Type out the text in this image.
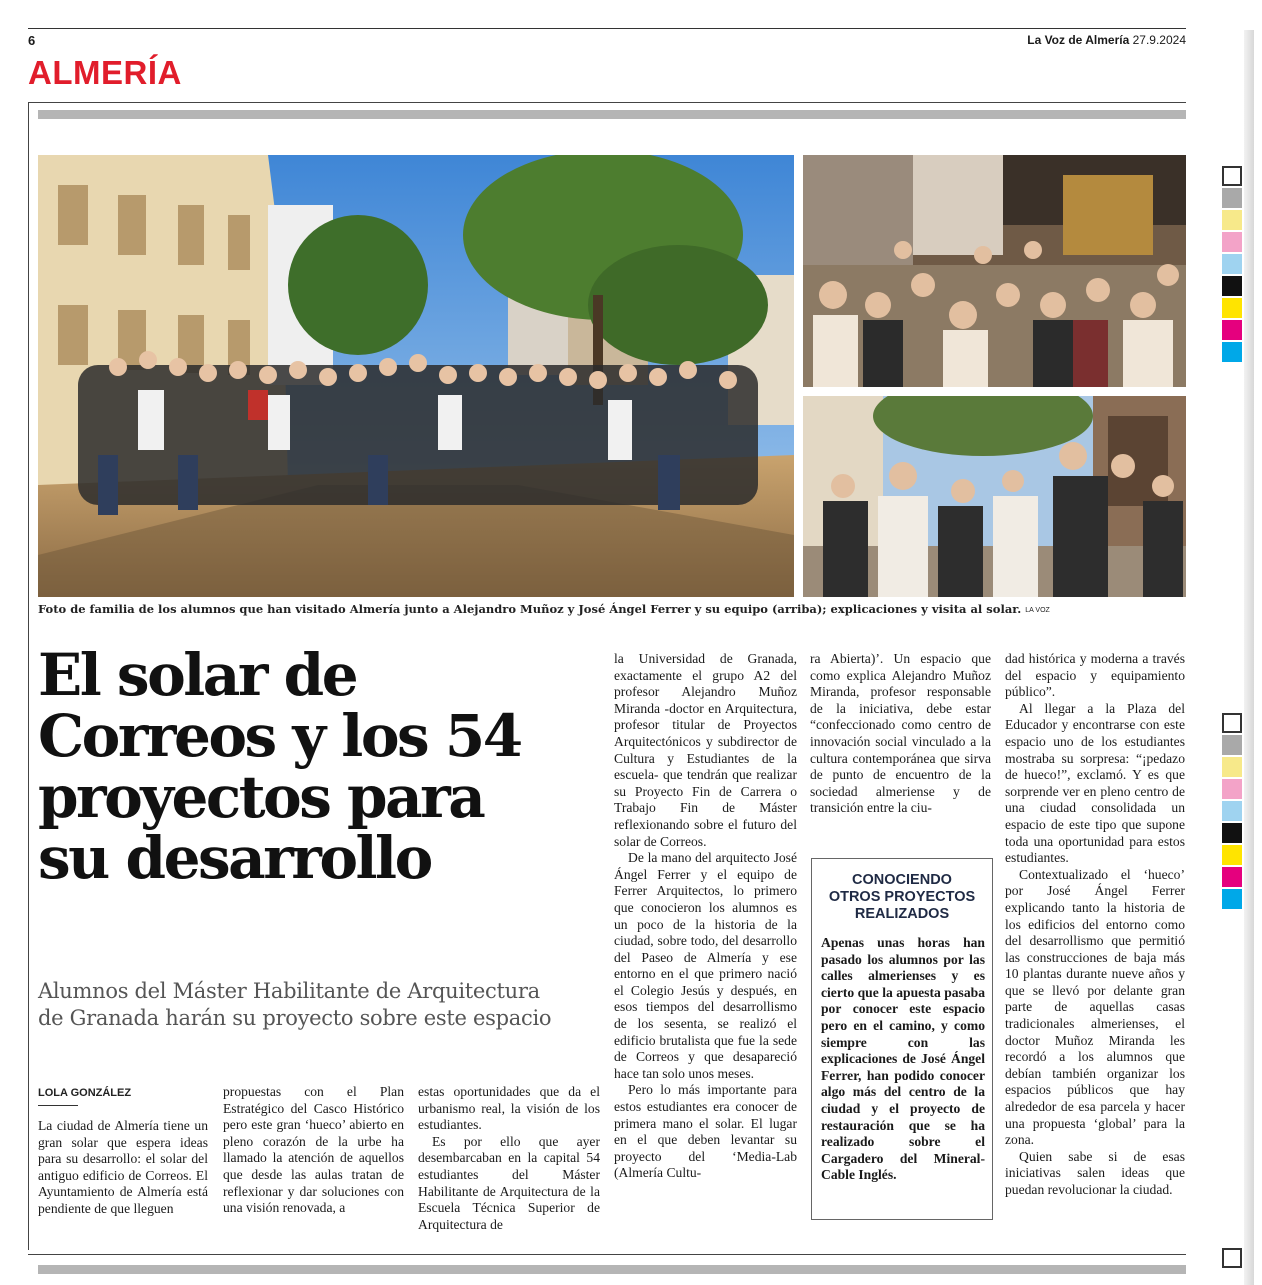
6	La Voz de Almería 27.9.2024
ALMERÍA
Foto de familia de los alumnos que han visitado Almería junto a Alejandro Muñoz y José Ángel Ferrer y su equipo (arriba); explicaciones y visita al solar. LA VOZ
El solar de
Correos y los 54
proyectos para
su desarrollo
Alumnos del Máster Habilitante de Arquitectura
de Granada harán su proyecto sobre este espacio
LOLA GONZÁLEZ

La ciudad de Almería tiene un gran solar que espera ideas para su desarrollo: el solar del antiguo edificio de Correos. El Ayuntamiento de Almería está pendiente de que lleguen

propuestas con el Plan Estratégico del Casco Histórico pero este gran ‘hueco’ abierto en pleno corazón de la urbe ha llamado la atención de aquellos que desde las aulas tratan de reflexionar y dar soluciones con una visión renovada, a

estas oportunidades que da el urbanismo real, la visión de los estudiantes.

Es por ello que ayer desembarcaban en la capital 54 estudiantes del Máster Habilitante de Arquitectura de la Escuela Técnica Superior de Arquitectura de

la Universidad de Granada, exactamente el grupo A2 del profesor Alejandro Muñoz Miranda -doctor en Arquitectura, profesor titular de Proyectos Arquitectónicos y subdirector de Cultura y Estudiantes de la escuela- que tendrán que realizar su Proyecto Fin de Carrera o Trabajo Fin de Máster reflexionando sobre el futuro del solar de Correos.

De la mano del arquitecto José Ángel Ferrer y el equipo de Ferrer Arquitectos, lo primero que conocieron los alumnos es un poco de la historia de la ciudad, sobre todo, del desarrollo del Paseo de Almería y ese entorno en el que primero nació el Colegio Jesús y después, en esos tiempos del desarrollismo de los sesenta, se realizó el edificio brutalista que fue la sede de Correos y que desapareció hace tan solo unos meses.

Pero lo más importante para estos estudiantes era conocer de primera mano el solar. El lugar en el que deben levantar su proyecto del ‘Media-Lab (Almería Cultu-

ra Abierta)’. Un espacio que como explica Alejandro Muñoz Miranda, profesor responsable de la iniciativa, debe estar “confeccionado como centro de innovación social vinculado a la cultura contemporánea que sirva de punto de encuentro de la sociedad almeriense y de transición entre la ciu-

dad histórica y moderna a través del espacio y equipamiento público”.

Al llegar a la Plaza del Educador y encontrarse con este espacio uno de los estudiantes mostraba su sorpresa: “¡pedazo de hueco!”, exclamó. Y es que sorprende ver en pleno centro de una ciudad consolidada un espacio de este tipo que supone toda una oportunidad para estos estudiantes.

Contextualizado el ‘hueco’ por José Ángel Ferrer explicando tanto la historia de los edificios del entorno como del desarrollismo que permitió las construcciones de baja más 10 plantas durante nueve años y que se llevó por delante gran parte de aquellas casas tradicionales almerienses, el doctor Muñoz Miranda les recordó a los alumnos que debían también organizar los espacios públicos que hay alrededor de esa parcela y hacer una propuesta ‘global’ para la zona.

Quien sabe si de esas iniciativas salen ideas que puedan revolucionar la ciudad.

CONOCIENDO
OTROS PROYECTOS
REALIZADOS
Apenas unas horas han pasado los alumnos por las calles almerienses y es cierto que la apuesta pasaba por conocer este espacio pero en el camino, y como siempre con las explicaciones de José Ángel Ferrer, han podido conocer algo más del centro de la ciudad y el proyecto de restauración que se ha realizado sobre el Cargadero del Mineral-Cable Inglés.
